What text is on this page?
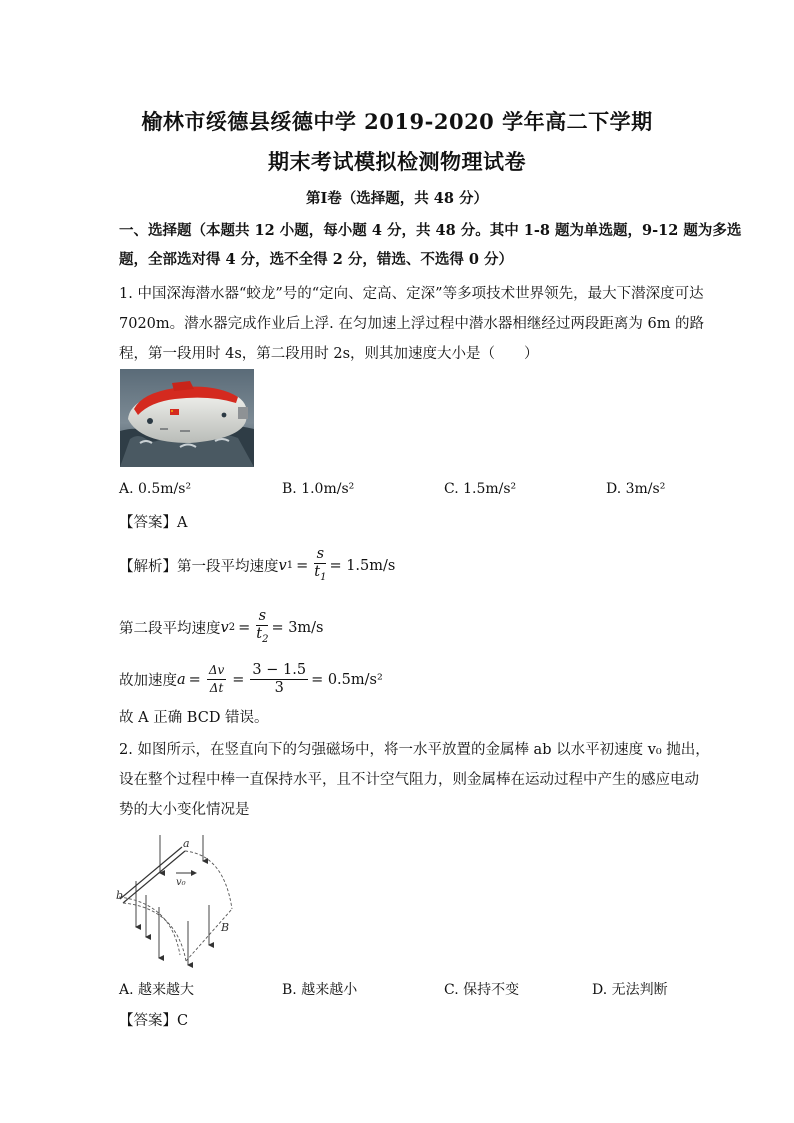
榆林市绥德县绥德中学 2019-2020 学年高二下学期
期末考试模拟检测物理试卷
第Ⅰ卷（选择题，共 48 分）
一、选择题（本题共 12 小题，每小题 4 分，共 48 分。其中 1-8 题为单选题，9-12 题为多选
题，全部选对得 4 分，选不全得 2 分，错选、不选得 0 分）
1. 中国深海潜水器“蛟龙”号的“定向、定高、定深”等多项技术世界领先，最大下潜深度可达
7020m。潜水器完成作业后上浮. 在匀加速上浮过程中潜水器相继经过两段距离为 6m 的路
程，第一段用时 4s，第二段用时 2s，则其加速度大小是（　　）
A. 0.5m/s²	B. 1.0m/s²	C. 1.5m/s²	D. 3m/s²
【答案】A
【解析】第一段平均速度 v $1 = \frac{s}{t_1} = 1.5m/s$
第二段平均速度 v $2 = \frac{s}{t_2} = 3m/s$
故加速度 $a = \frac{\Delta v}{\Delta t} = \frac{3 - 1.5}{3} = 0.5m/s^2$
故 A 正确 BCD 错误。
2. 如图所示，在竖直向下的匀强磁场中，将一水平放置的金属棒 ab 以水平初速度 v₀ 抛出，
设在整个过程中棒一直保持水平，且不计空气阻力，则金属棒在运动过程中产生的感应电动
势的大小变化情况是
a
b
v₀
B
A. 越来越大	B. 越来越小	C. 保持不变	D. 无法判断
【答案】C
